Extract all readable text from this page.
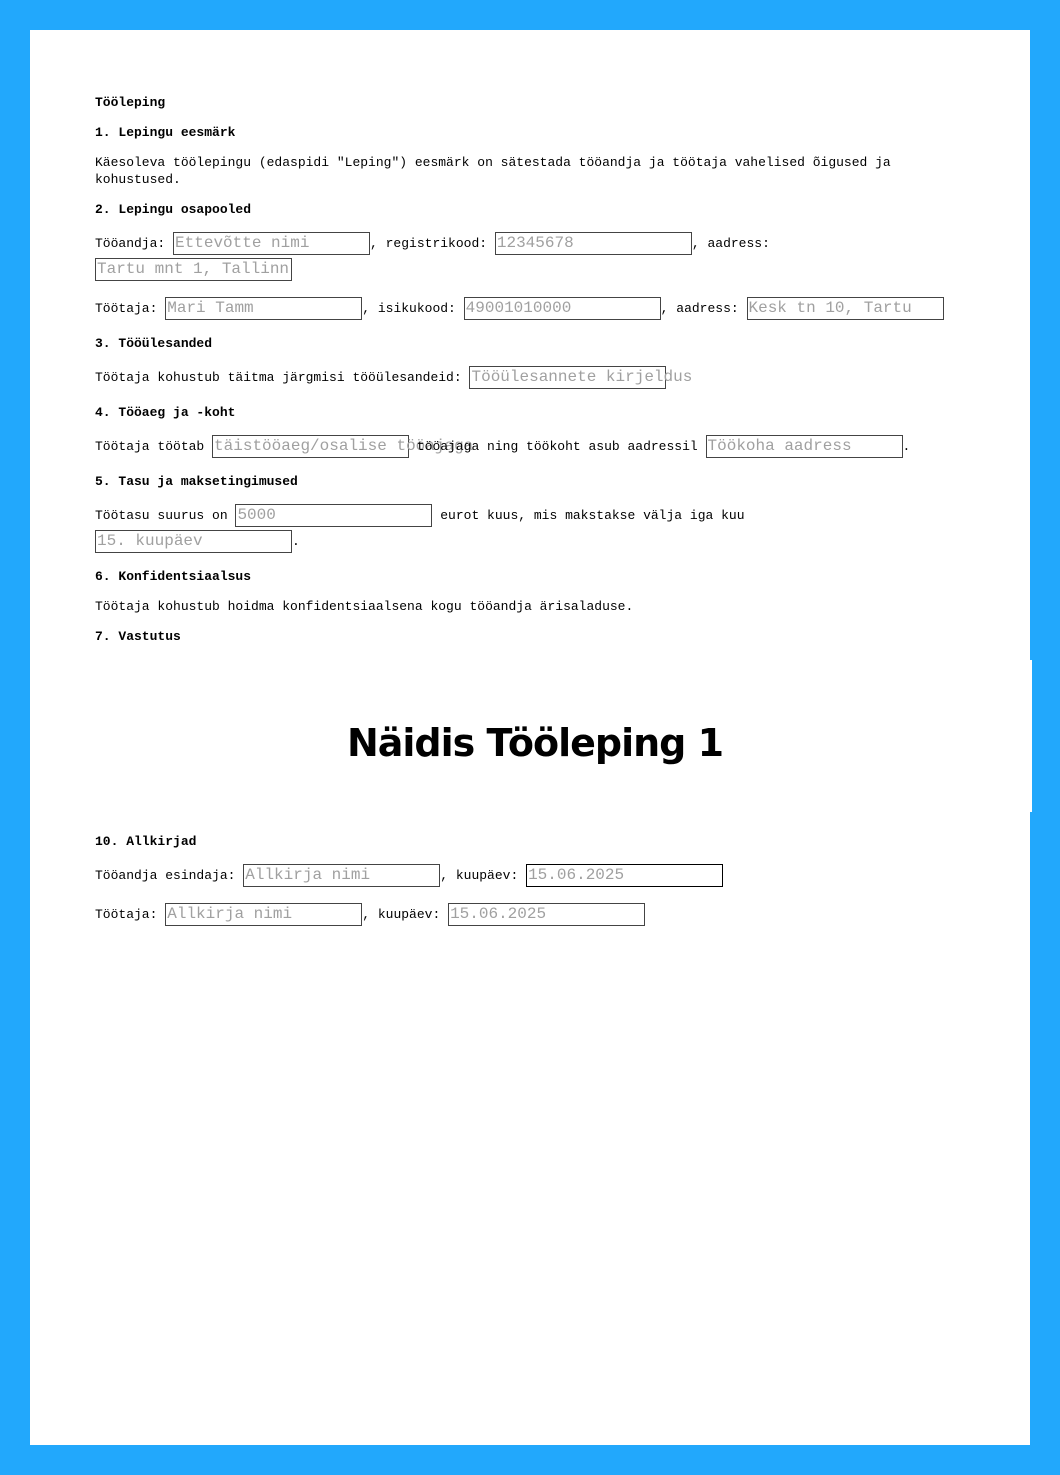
Tööleping
1. Lepingu eesmärk
Käesoleva töölepingu (edaspidi "Leping") eesmärk on sätestada tööandja ja töötaja vahelised õigused ja kohustused.
2. Lepingu osapooled
Tööandja: Ettevõtte nimi	, registrikood: 12345678	, aadress:
Tartu mnt 1, Tallinn
Töötaja: Mari Tamm	, isikukood: 49001010000	, aadress: Kesk tn 10, Tartu
3. Tööülesanded
Töötaja kohustub täitma järgmisi tööülesandeid: Tööülesannete kirjeldus
4. Tööaeg ja -koht
Töötaja töötab täistööaeg/osalise tööajaga tööajaga ning töökoht asub aadressil Töökoha aadress	.
5. Tasu ja maksetingimused
Töötasu suurus on 5000	eurot kuus, mis makstakse välja iga kuu
15. kuupäev	.
6. Konfidentsiaalsus
Töötaja kohustub hoidma konfidentsiaalsena kogu tööandja ärisaladuse.
7. Vastutus
Näidis Tööleping 1
10. Allkirjad
Tööandja esindaja: Allkirja nimi	, kuupäev: 15.06.2025
Töötaja: Allkirja nimi	, kuupäev: 15.06.2025
